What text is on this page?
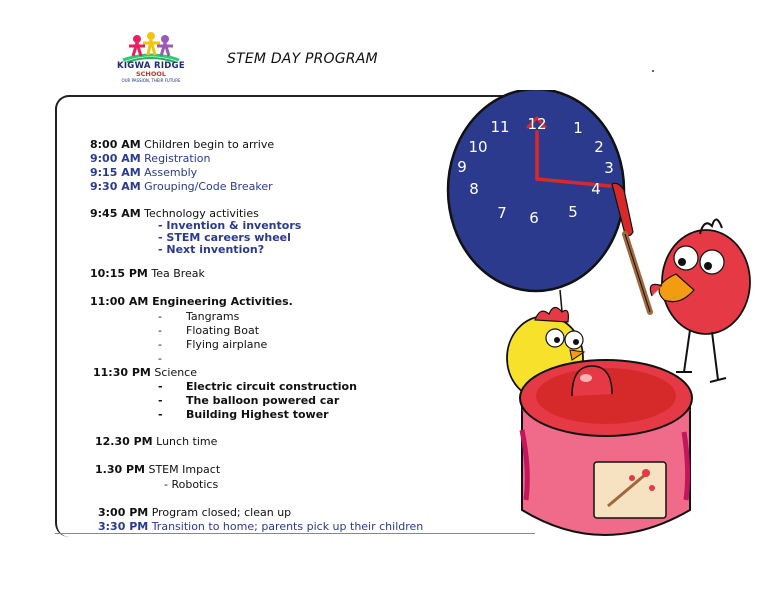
KIGWA RIDGE
SCHOOL
OUR PASSION, THEIR FUTURE
STEM DAY PROGRAM
8:00 AM Children begin to arrive
9:00 AM Registration
9:15 AM Assembly
9:30 AM Grouping/Code Breaker
9:45 AM Technology activities
- Invention & inventors
- STEM careers wheel
- Next invention?
10:15 PM Tea Break
11:00 AM Engineering Activities.
- Tangrams
- Floating Boat
- Flying airplane
-
11:30 PM Science
- Electric circuit construction
- The balloon powered car
- Building Highest tower
12.30 PM Lunch time
1.30 PM STEM Impact
- Robotics
3:00 PM Program closed; clean up
3:30 PM Transition to home; parents pick up their children
12 1
2
3
4
5
6
7
8
9
10
11
